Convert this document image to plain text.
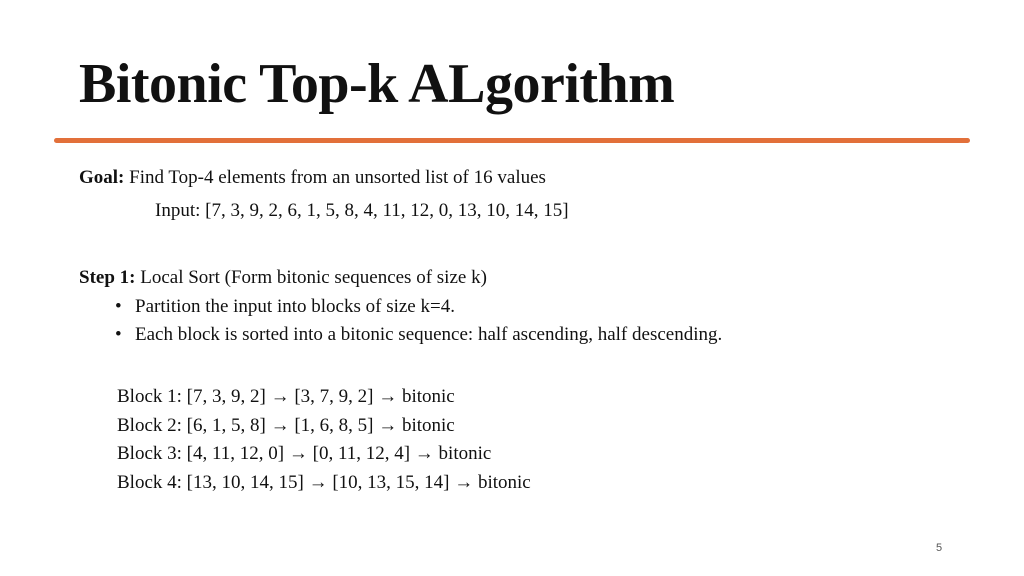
Bitonic Top-k ALgorithm
Goal: Find Top-4 elements from an unsorted list of 16 values
Input: [7, 3, 9, 2, 6, 1, 5, 8, 4, 11, 12, 0, 13, 10, 14, 15]
Step 1: Local Sort (Form bitonic sequences of size k)
• Partition the input into blocks of size k=4.
• Each block is sorted into a bitonic sequence: half ascending, half descending.
Block 1: [7, 3, 9, 2] → [3, 7, 9, 2] → bitonic
Block 2: [6, 1, 5, 8] → [1, 6, 8, 5] → bitonic
Block 3: [4, 11, 12, 0] → [0, 11, 12, 4] → bitonic
Block 4: [13, 10, 14, 15] → [10, 13, 15, 14] → bitonic
5
